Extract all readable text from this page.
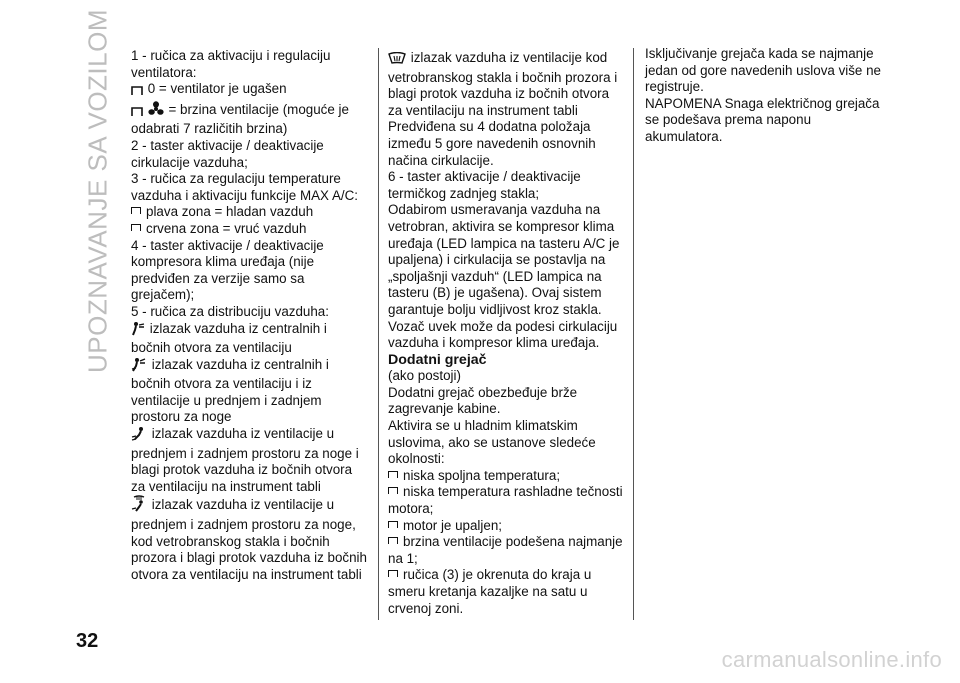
UPOZNAVANJE SA VOZILOM 1 - ručica za aktivaciju i regulaciju ventilatora:

0 = ventilator je ugašen

= brzina ventilacije (moguće je odabrati 7 različitih brzina)

2 - taster aktivacije / deaktivacije cirkulacije vazduha;

3 - ručica za regulaciju temperature vazduha i aktivaciju funkcije MAX A/C:

plava zona = hladan vazduh

crvena zona = vruć vazduh

4 - taster aktivacije / deaktivacije kompresora klima uređaja (nije predviđen za verzije samo sa grejačem);

5 - ručica za distribuciju vazduha:

izlazak vazduha iz centralnih i bočnih otvora za ventilaciju

izlazak vazduha iz centralnih i bočnih otvora za ventilaciju i iz ventilacije u prednjem i zadnjem prostoru za noge

izlazak vazduha iz ventilacije u prednjem i zadnjem prostoru za noge i blagi protok vazduha iz bočnih otvora za ventilaciju na instrument tabli

izlazak vazduha iz ventilacije u prednjem i zadnjem prostoru za noge, kod vetrobranskog stakla i bočnih prozora i blagi protok vazduha iz bočnih otvora za ventilaciju na instrument tabli

izlazak vazduha iz ventilacije kod vetrobranskog stakla i bočnih prozora i blagi protok vazduha iz bočnih otvora za ventilaciju na instrument tabli

Predviđena su 4 dodatna položaja između 5 gore navedenih osnovnih načina cirkulacije.

6 - taster aktivacije / deaktivacije termičkog zadnjeg stakla;

Odabirom usmeravanja vazduha na vetrobran, aktivira se kompresor klima uređaja (LED lampica na tasteru A/C je upaljena) i cirkulacija se postavlja na „spoljašnji vazduh“ (LED lampica na tasteru (B) je ugašena). Ovaj sistem garantuje bolju vidljivost kroz stakla. Vozač uvek može da podesi cirkulaciju vazduha i kompresor klima uređaja.

Dodatni grejač

(ako postoji)

Dodatni grejač obezbeđuje brže zagrevanje kabine.

Aktivira se u hladnim klimatskim uslovima, ako se ustanove sledeće okolnosti:

niska spoljna temperatura;

niska temperatura rashladne tečnosti motora;

motor je upaljen;

brzina ventilacije podešena najmanje na 1;

ručica (3) je okrenuta do kraja u smeru kretanja kazaljke na satu u crvenoj zoni.

Isključivanje grejača kada se najmanje jedan od gore navedenih uslova više ne registruje.

NAPOMENA Snaga električnog grejača se podešava prema naponu akumulatora.

32
carmanualsonline.info
